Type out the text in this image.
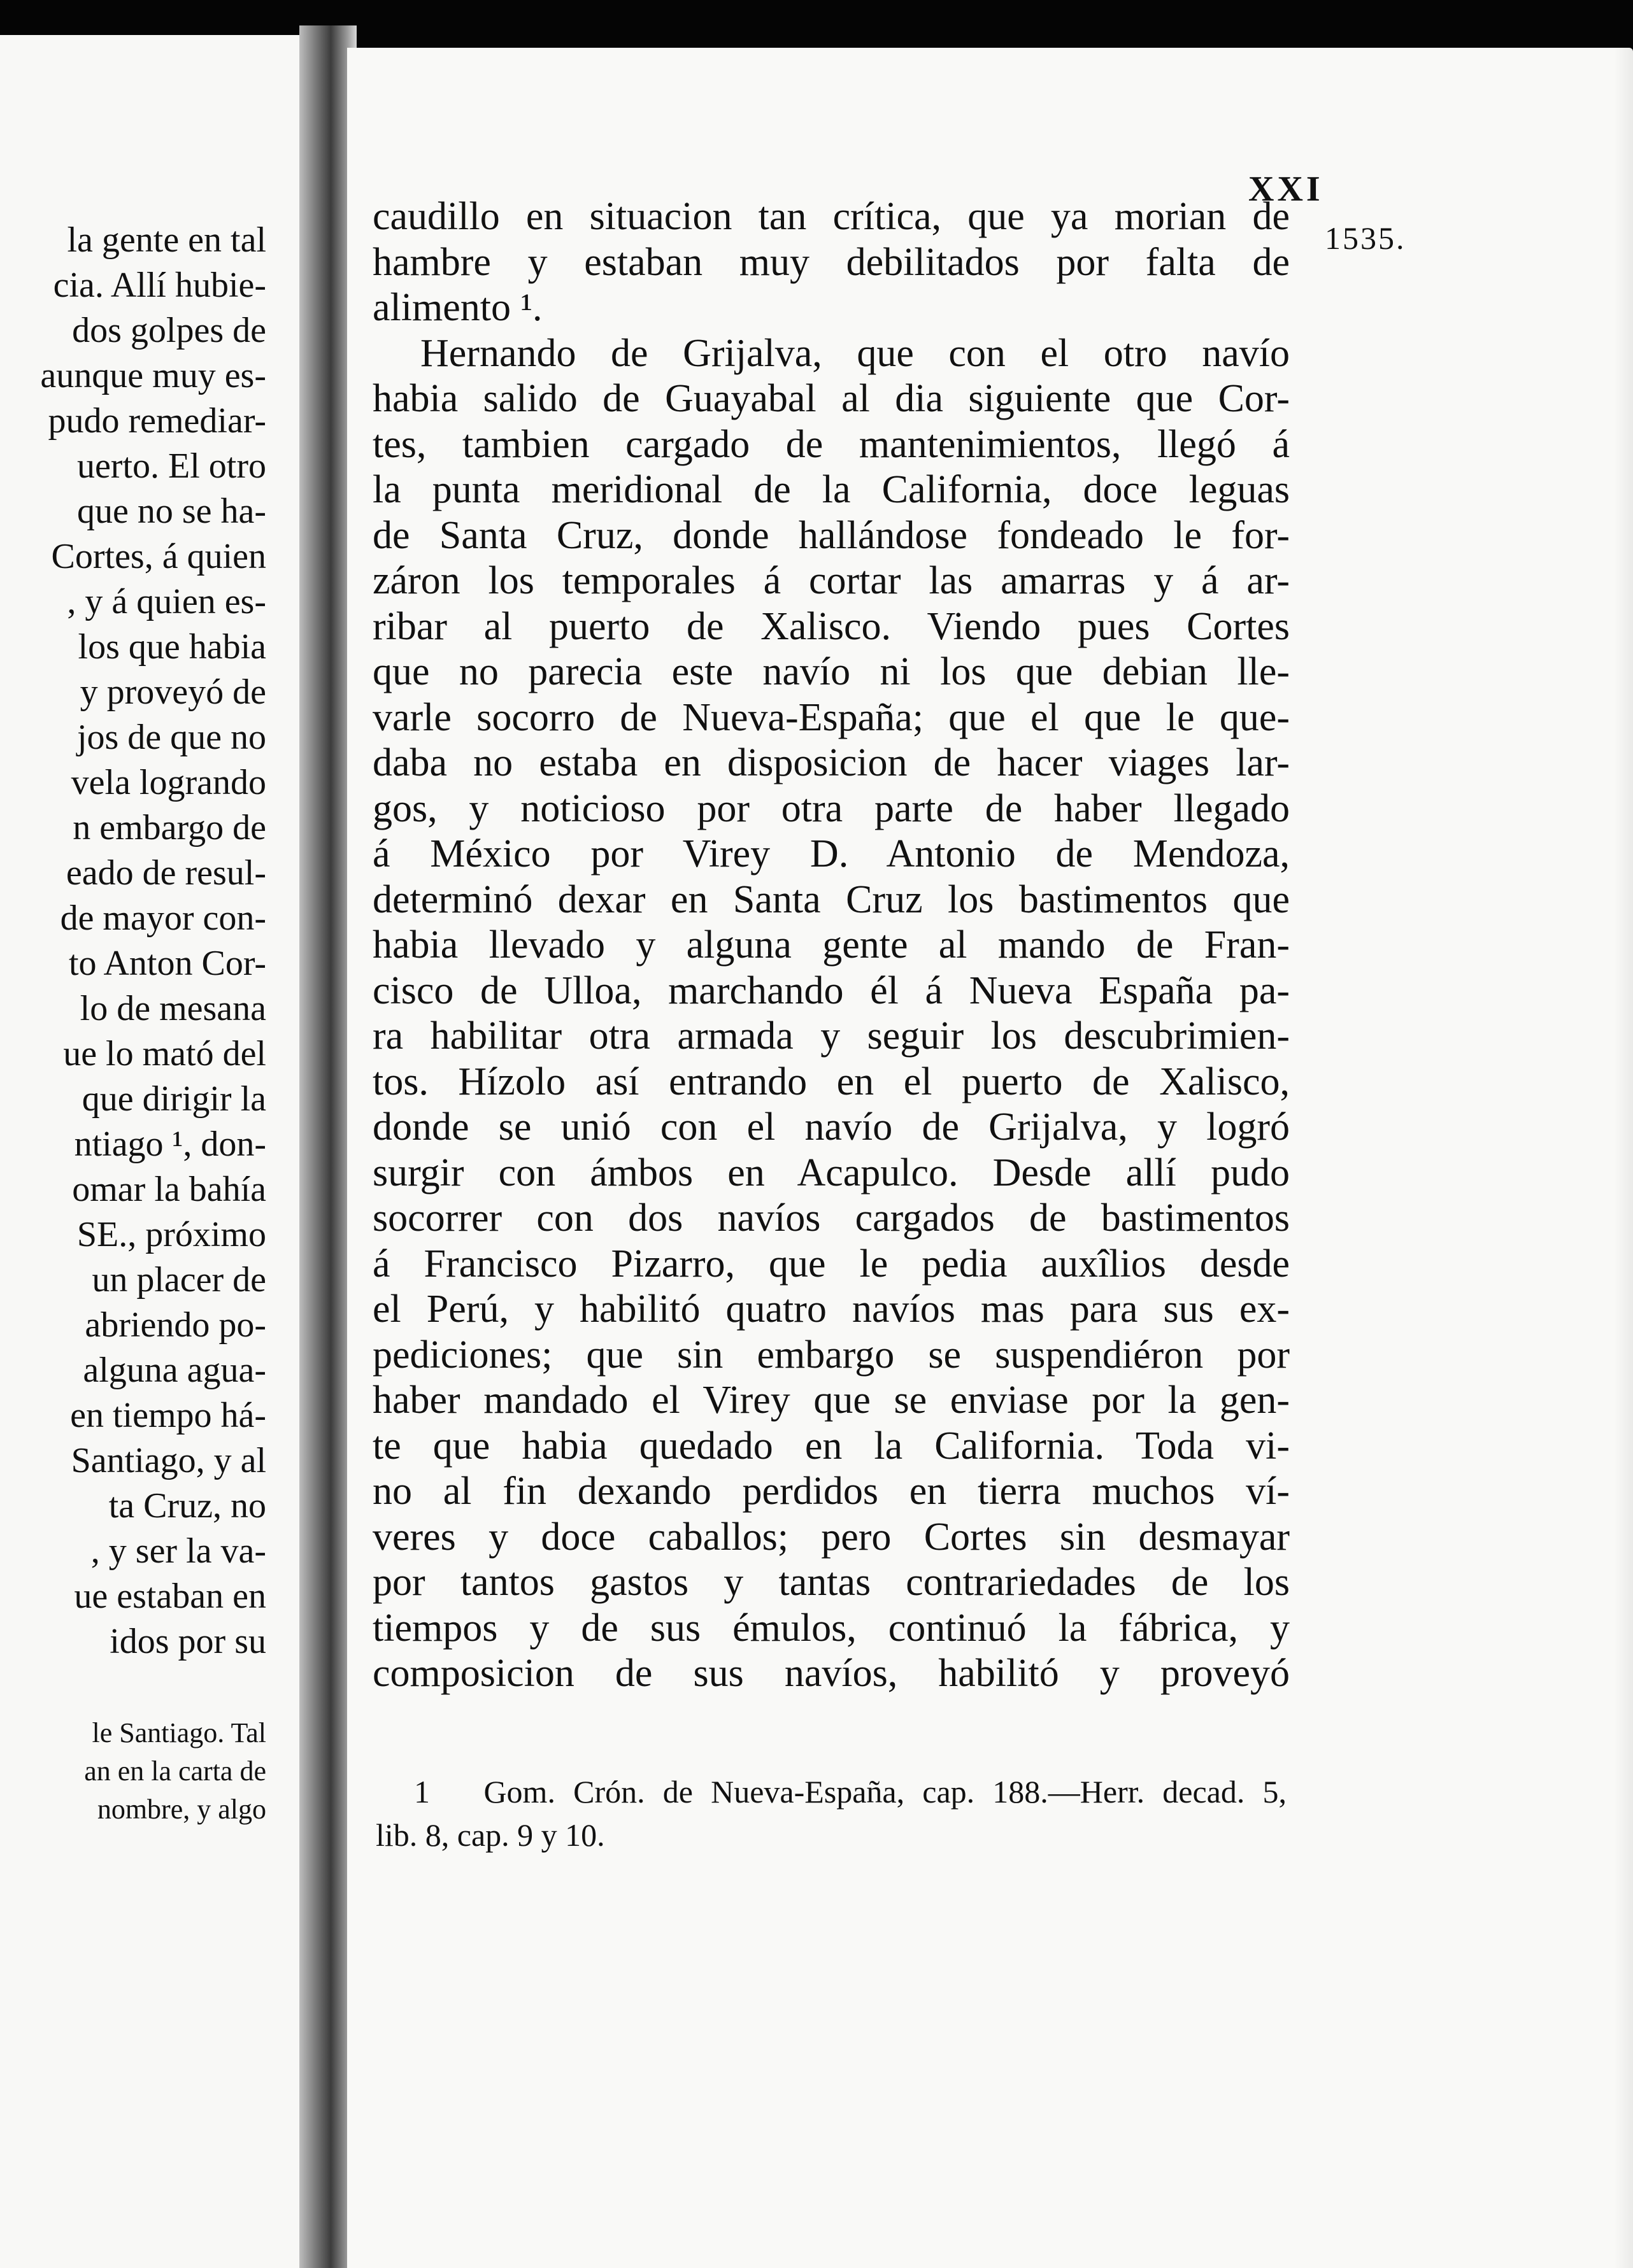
la gente en tal
cia. Allí hubie-
dos golpes de
aunque muy es-
pudo remediar-
uerto. El otro
que no se ha-
Cortes, á quien
, y á quien es-
los que habia
y proveyó de
jos de que no
vela logrando
n embargo de
eado de resul-
de mayor con-
to Anton Cor-
lo de mesana
ue lo mató del
que dirigir la
ntiago ¹, don-
omar la bahía
SE., próximo
un placer de
abriendo po-
alguna agua-
en tiempo há-
Santiago, y al
ta Cruz, no
, y ser la va-
ue estaban en
idos por su
le Santiago. Tal
an en la carta de
nombre, y algo
XXI
1535.
caudillo en situacion tan crítica, que ya morian de
hambre y estaban muy debilitados por falta de
alimento ¹.
Hernando de Grijalva, que con el otro navío
habia salido de Guayabal al dia siguiente que Cor-
tes, tambien cargado de mantenimientos, llegó á
la punta meridional de la California, doce leguas
de Santa Cruz, donde hallándose fondeado le for-
záron los temporales á cortar las amarras y á ar-
ribar al puerto de Xalisco. Viendo pues Cortes
que no parecia este navío ni los que debian lle-
varle socorro de Nueva-España; que el que le que-
daba no estaba en disposicion de hacer viages lar-
gos, y noticioso por otra parte de haber llegado
á México por Virey D. Antonio de Mendoza,
determinó dexar en Santa Cruz los bastimentos que
habia llevado y alguna gente al mando de Fran-
cisco de Ulloa, marchando él á Nueva España pa-
ra habilitar otra armada y seguir los descubrimien-
tos. Hízolo así entrando en el puerto de Xalisco,
donde se unió con el navío de Grijalva, y logró
surgir con ámbos en Acapulco. Desde allí pudo
socorrer con dos navíos cargados de bastimentos
á Francisco Pizarro, que le pedia auxîlios desde
el Perú, y habilitó quatro navíos mas para sus ex-
pediciones; que sin embargo se suspendiéron por
haber mandado el Virey que se enviase por la gen-
te que habia quedado en la California. Toda vi-
no al fin dexando perdidos en tierra muchos ví-
veres y doce caballos; pero Cortes sin desmayar
por tantos gastos y tantas contrariedades de los
tiempos y de sus émulos, continuó la fábrica, y
composicion de sus navíos, habilitó y proveyó
1 Gom. Crón. de Nueva-España, cap. 188.—Herr. decad. 5,
lib. 8, cap. 9 y 10.
